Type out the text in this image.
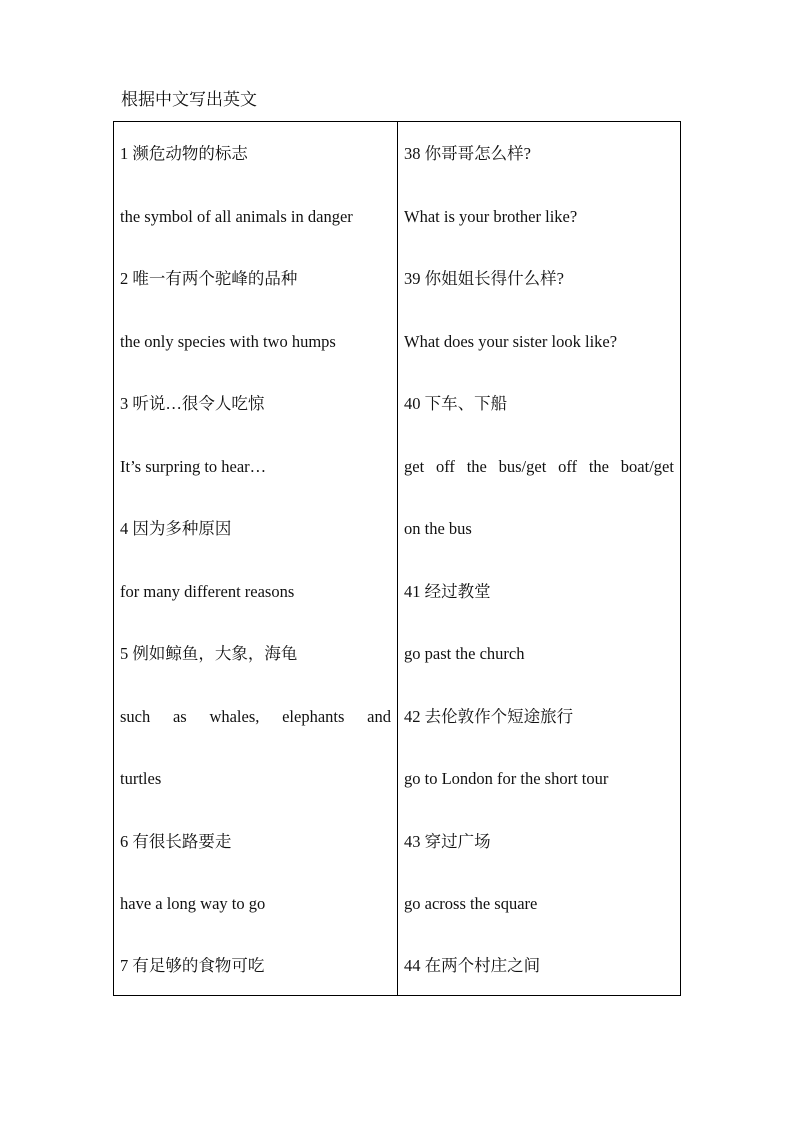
根据中文写出英文
1 濒危动物的标志
the symbol of all animals in danger
2 唯一有两个驼峰的品种
the only species with two humps
3 听说…很令人吃惊
It’s surpring to hear…
4 因为多种原因
for many different reasons
5 例如鲸鱼，大象，海龟
such as whales, elephants and
turtles
6 有很长路要走
have a long way to go
7 有足够的食物可吃
38 你哥哥怎么样?
What is your brother like?
39 你姐姐长得什么样?
What does your sister look like?
40 下车、下船
get off the bus/get off the boat/get
on the bus
41 经过教堂
go past the church
42 去伦敦作个短途旅行
go to London for the short tour
43 穿过广场
go across the square
44 在两个村庄之间
